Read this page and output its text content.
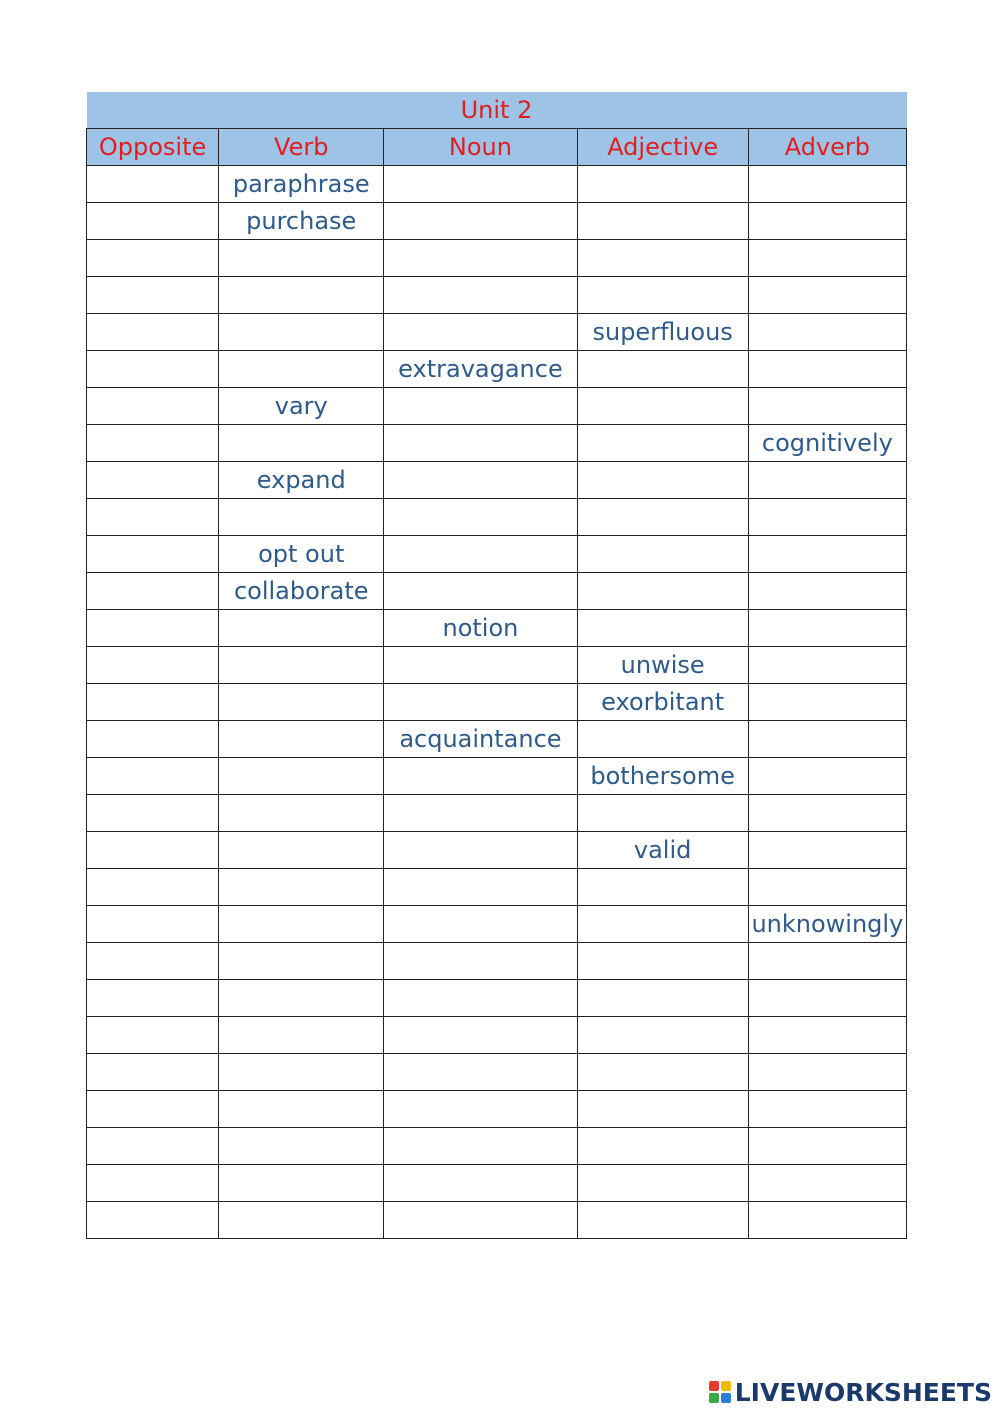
Unit 2				
Opposite	Verb	Noun	Adjective	Adverb
	paraphrase			
	purchase			

			superfluous	
		extravagance		
	vary			
				cognitively
	expand			

	opt out			
	collaborate			
		notion		
			unwise	
			exorbitant	
		acquaintance		
			bothersome	

			valid	

				unknowingly

LIVEWORKSHEETS
